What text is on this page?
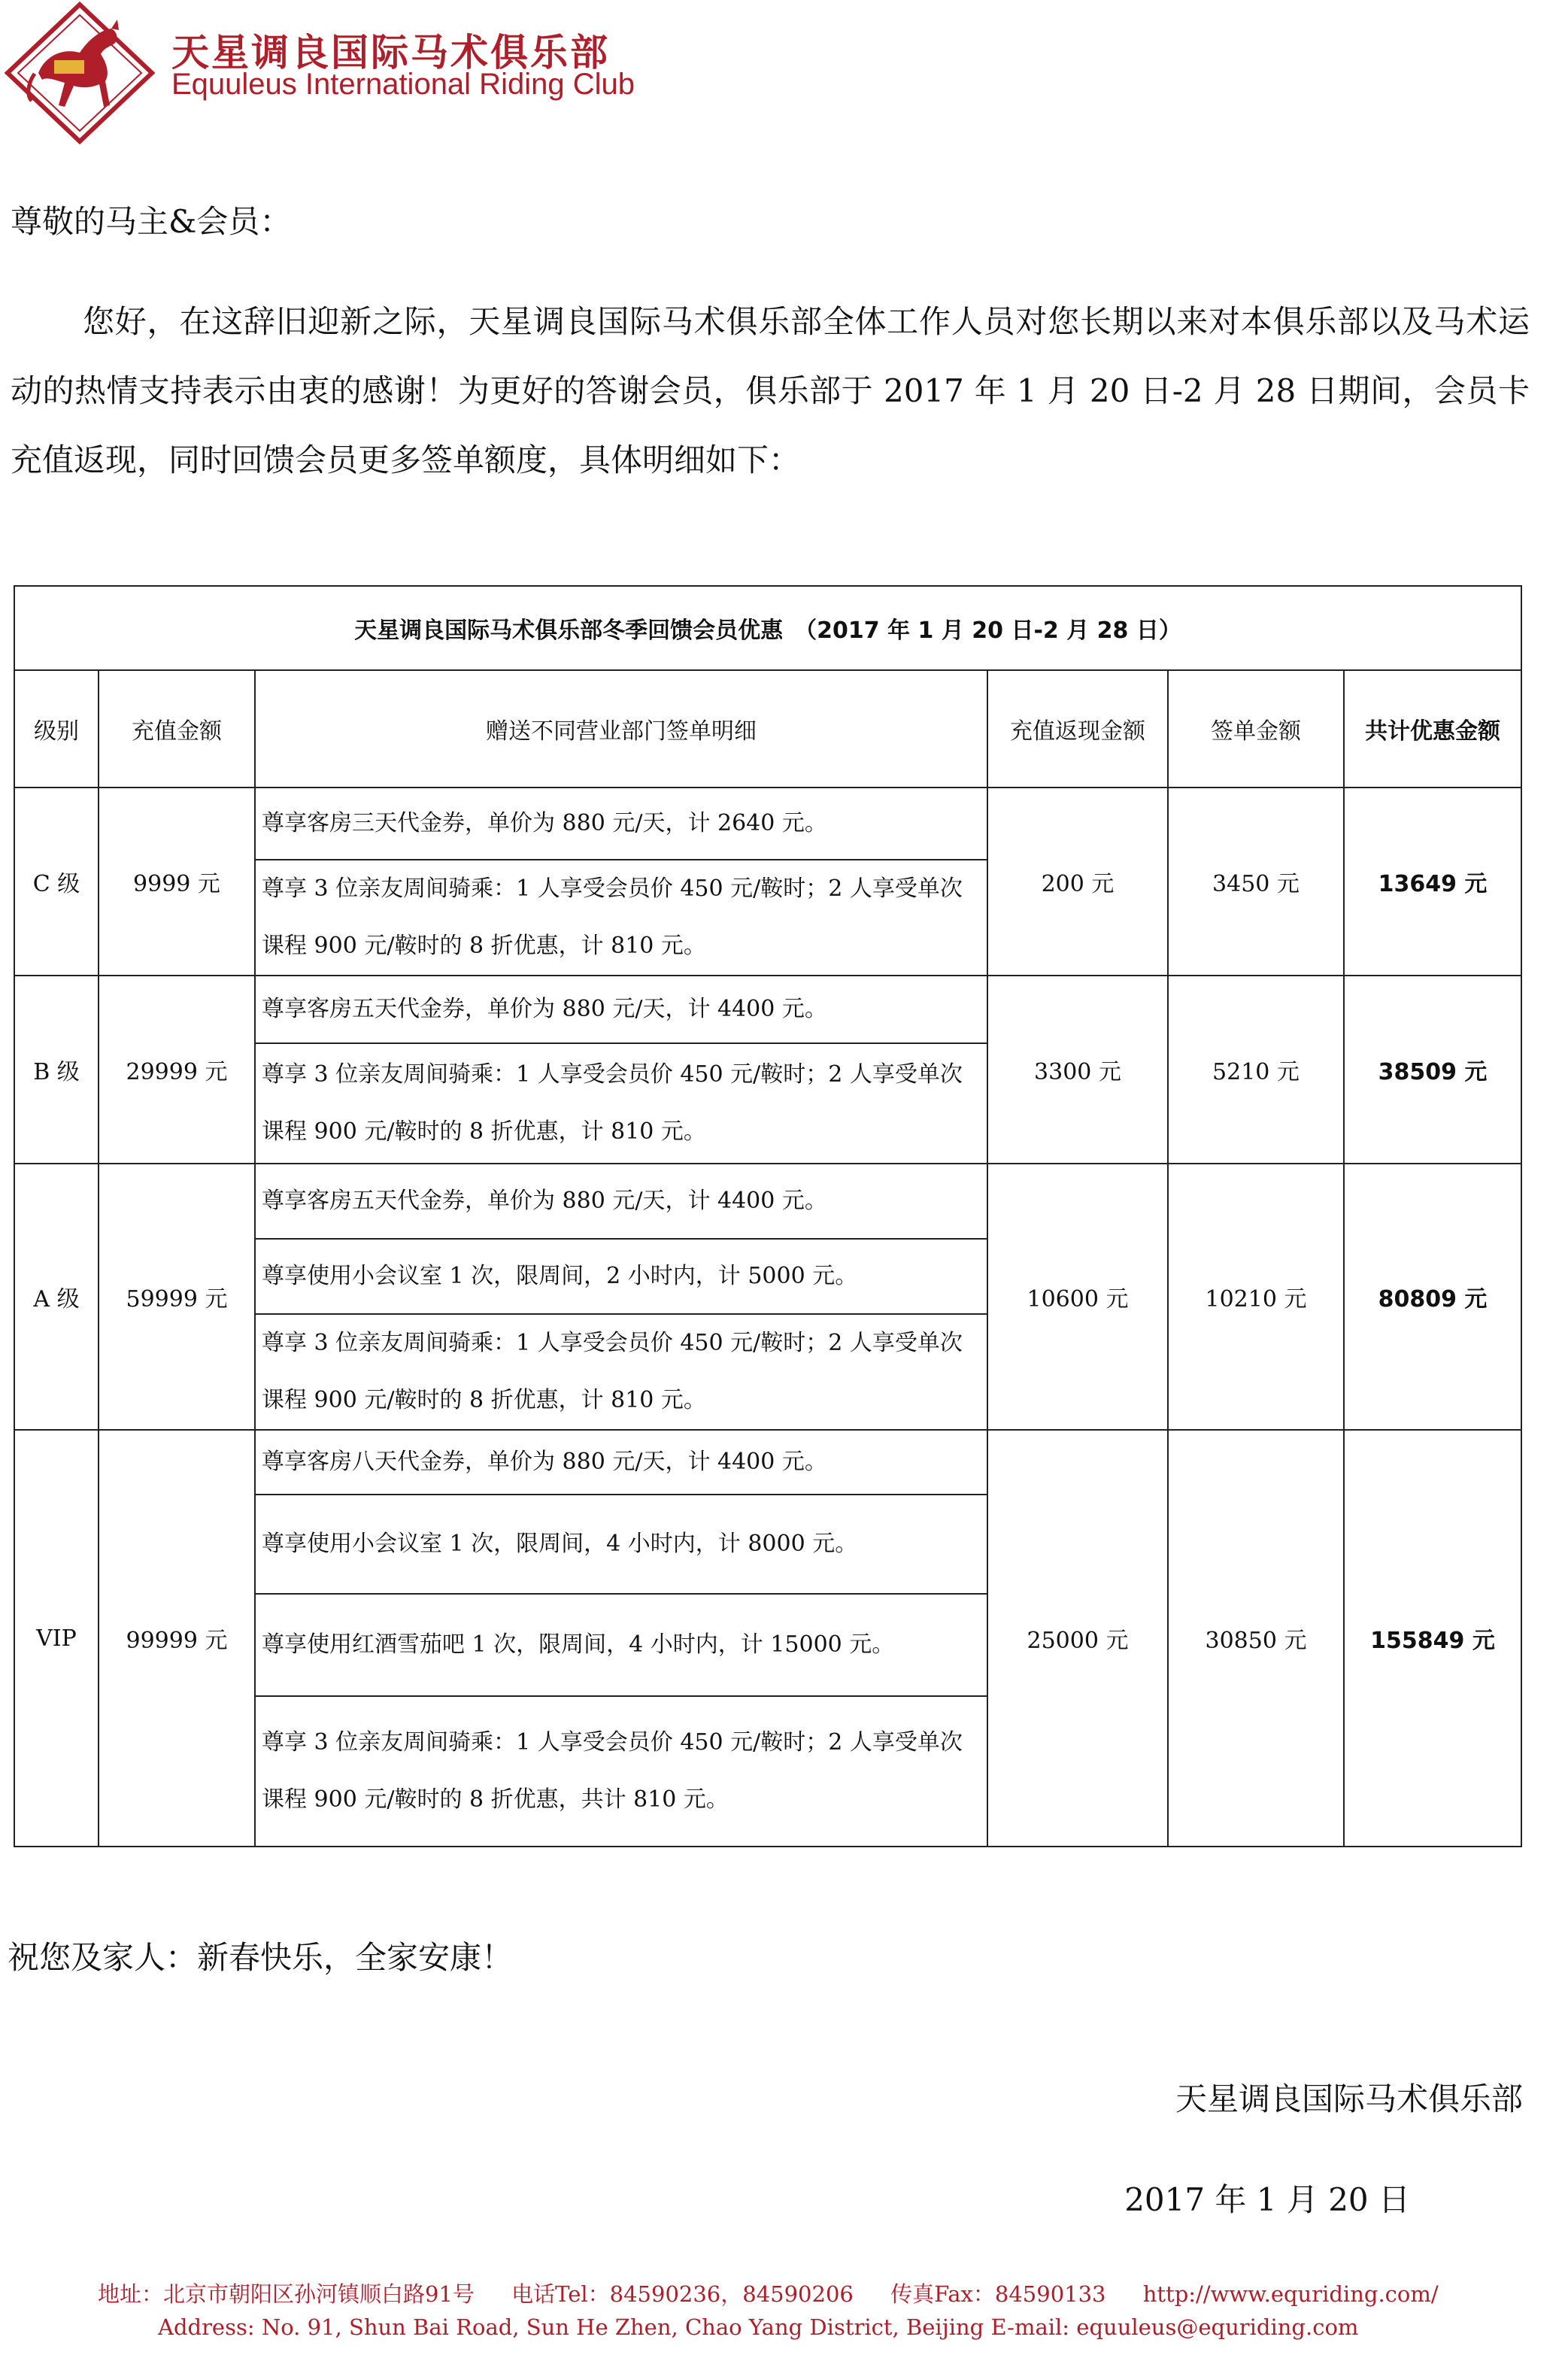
天星调良国际马术俱乐部
Equuleus International Riding Club
尊敬的马主&会员：
您好，在这辞旧迎新之际，天星调良国际马术俱乐部全体工作人员对您长期以来对本俱乐部以及马术运动的热情支持表示由衷的感谢！为更好的答谢会员，俱乐部于 2017 年 1 月 20 日-2 月 28 日期间，会员卡充值返现，同时回馈会员更多签单额度，具体明细如下：
天星调良国际马术俱乐部冬季回馈会员优惠　（2017 年 1 月 20 日-2 月 28 日）					
级别	充值金额	赠送不同营业部门签单明细	充值返现金额	签单金额	共计优惠金额
C 级	9999 元	尊享客房三天代金券，单价为 880 元/天，计 2640 元。	200 元	3450 元	13649 元
		尊享 3 位亲友周间骑乘：1 人享受会员价 450 元/鞍时；2 人享受单次课程 900 元/鞍时的 8 折优惠，计 810 元。			
B 级	29999 元	尊享客房五天代金券，单价为 880 元/天，计 4400 元。	3300 元	5210 元	38509 元
		尊享 3 位亲友周间骑乘：1 人享受会员价 450 元/鞍时；2 人享受单次课程 900 元/鞍时的 8 折优惠，计 810 元。			
A 级	59999 元	尊享客房五天代金券，单价为 880 元/天，计 4400 元。	10600 元	10210 元	80809 元
		尊享使用小会议室 1 次，限周间，2 小时内，计 5000 元。			
		尊享 3 位亲友周间骑乘：1 人享受会员价 450 元/鞍时；2 人享受单次课程 900 元/鞍时的 8 折优惠，计 810 元。			
VIP	99999 元	尊享客房八天代金券，单价为 880 元/天，计 4400 元。	25000 元	30850 元	155849 元
		尊享使用小会议室 1 次，限周间，4 小时内，计 8000 元。			
		尊享使用红酒雪茄吧 1 次，限周间，4 小时内，计 15000 元。			
		尊享 3 位亲友周间骑乘：1 人享受会员价 450 元/鞍时；2 人享受单次课程 900 元/鞍时的 8 折优惠，共计 810 元。			
祝您及家人：新春快乐，全家安康！
天星调良国际马术俱乐部
2017 年 1 月 20 日
地址：北京市朝阳区孙河镇顺白路91号 电话Tel：84590236，84590206 传真Fax：84590133 http://www.equriding.com/
Address: No. 91, Shun Bai Road, Sun He Zhen, Chao Yang District, Beijing E-mail: equuleus@equriding.com
